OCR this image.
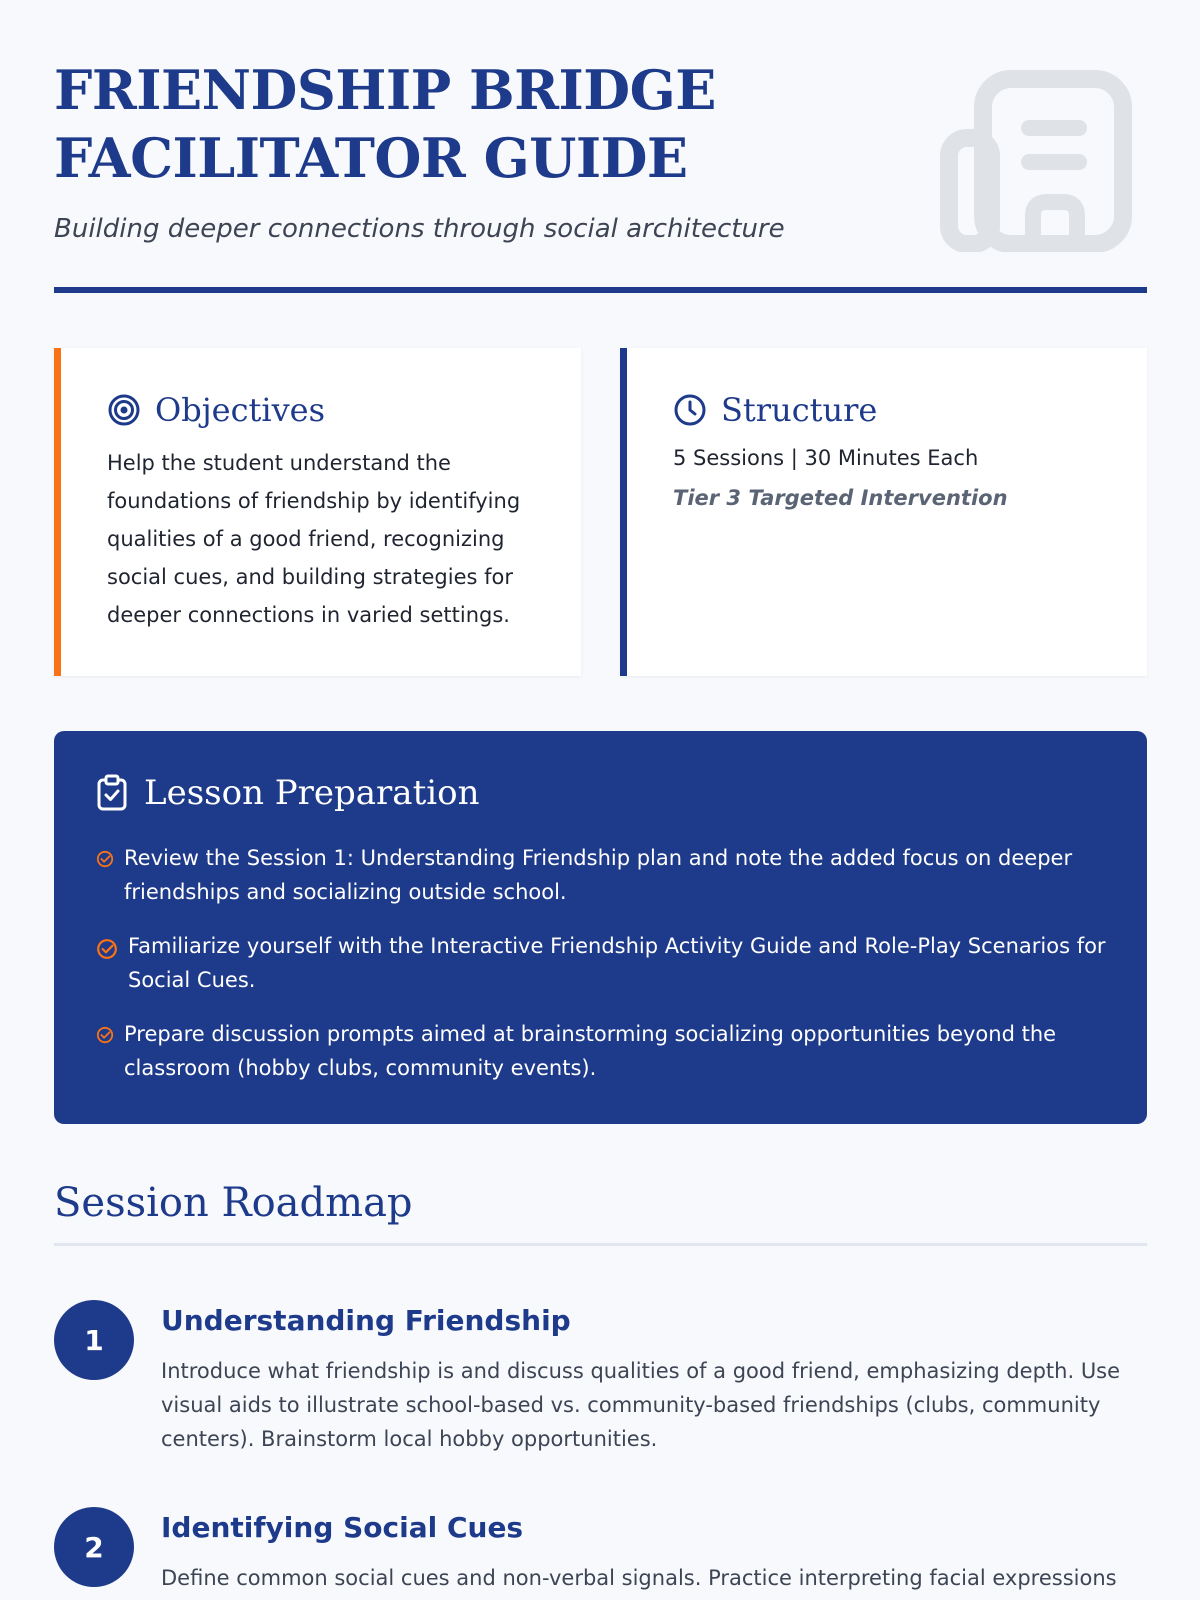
FRIENDSHIP BRIDGE FACILITATOR GUIDE
Building deeper connections through social architecture
Objectives
Help the student understand the foundations of friendship by identifying qualities of a good friend, recognizing social cues, and building strategies for deeper connections in varied settings.
Structure
5 Sessions | 30 Minutes Each
Tier 3 Targeted Intervention
Lesson Preparation
Review the Session 1: Understanding Friendship plan and note the added focus on deeper friendships and socializing outside school.
Familiarize yourself with the Interactive Friendship Activity Guide and Role-Play Scenarios for Social Cues.
Prepare discussion prompts aimed at brainstorming socializing opportunities beyond the classroom (hobby clubs, community events).
Session Roadmap
1
Understanding Friendship
Introduce what friendship is and discuss qualities of a good friend, emphasizing depth. Use visual aids to illustrate school-based vs. community-based friendships (clubs, community centers). Brainstorm local hobby opportunities.
2
Identifying Social Cues
Define common social cues and non-verbal signals. Practice interpreting facial expressions
